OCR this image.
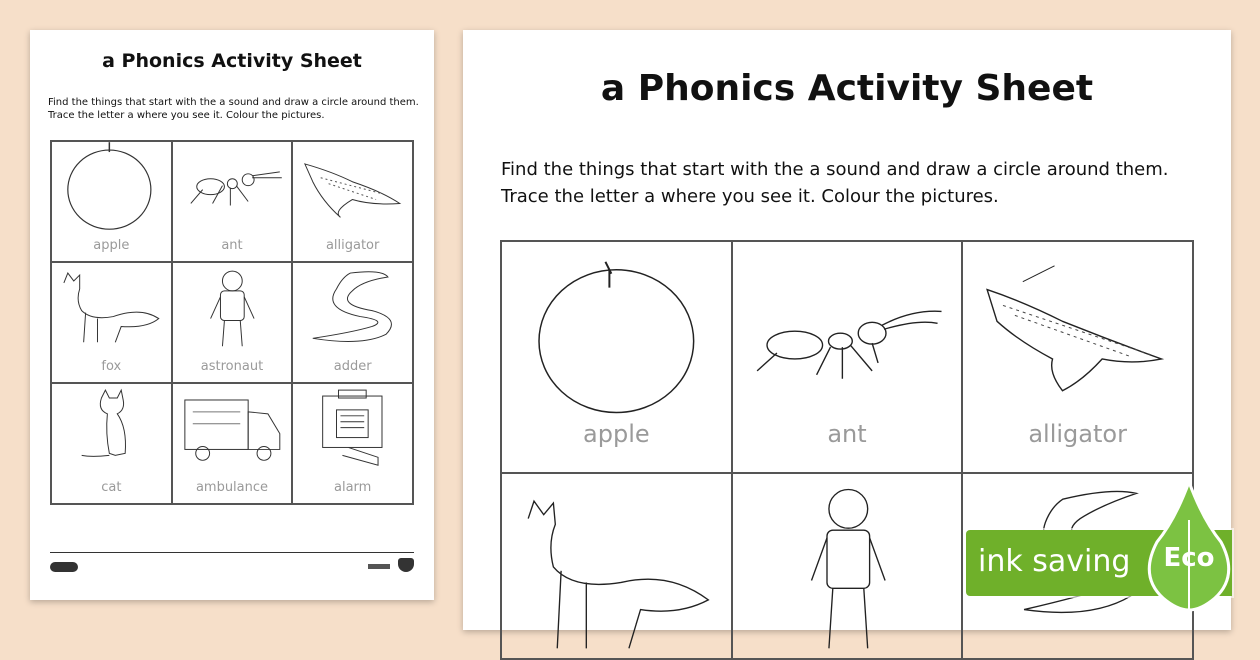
a Phonics Activity Sheet
Find the things that start with the a sound and draw a circle around them.
Trace the letter a where you see it. Colour the pictures.
apple	ant	alligator
fox	astronaut	adder
cat	ambulance	alarm
a Phonics Activity Sheet
Find the things that start with the a sound and draw a circle around them.
Trace the letter a where you see it. Colour the pictures.
apple	ant	alligator
ink saving Eco
